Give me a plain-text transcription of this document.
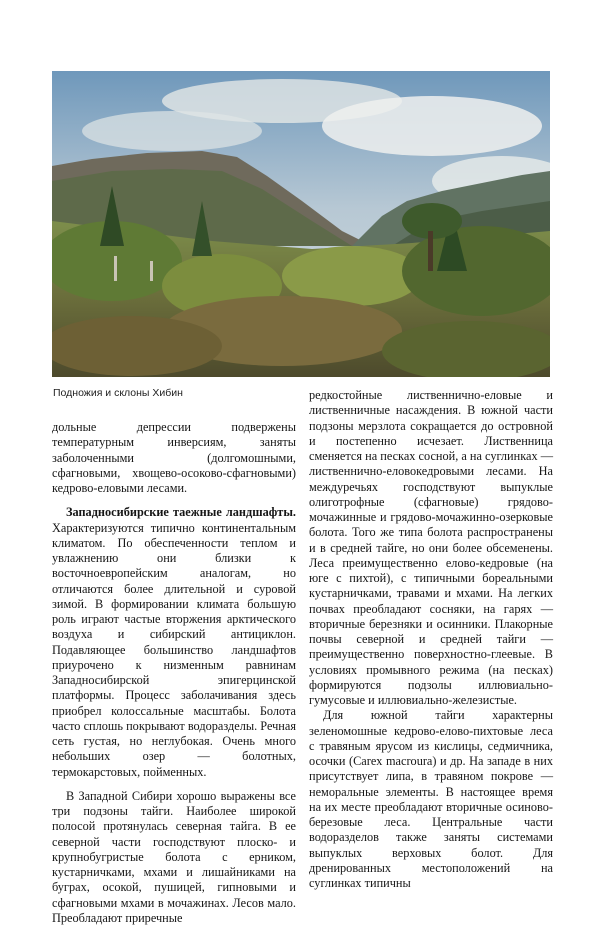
Подножия и склоны Хибин

дольные депрессии подвержены температурным инверсиям, заняты заболоченными (долгомошными, сфагновыми, хвощево-осоково-сфагновыми) кедрово-еловыми лесами.

Западносибирские таежные ландшафты. Характеризуются типично континентальным климатом. По обеспеченности теплом и увлажнению они близки к восточноевропейским аналогам, но отличаются более длительной и суровой зимой. В формировании климата большую роль играют частые вторжения арктического воздуха и сибирский антициклон. Подавляющее большинство ландшафтов приурочено к низменным равнинам Западносибирской эпигерцинской платформы. Процесс заболачивания здесь приобрел колоссальные масштабы. Болота часто сплошь покрывают водоразделы. Речная сеть густая, но неглубокая. Очень много небольших озер — болотных, термокарстовых, пойменных.

В Западной Сибири хорошо выражены все три подзоны тайги. Наиболее широкой полосой протянулась северная тайга. В ее северной части господствуют плоско- и крупнобугристые болота с ерником, кустарничками, мхами и лишайниками на буграх, осокой, пушицей, гипновыми и сфагновыми мхами в мочажинах. Лесов мало. Преобладают приречные

редкостойные лиственнично-еловые и лиственничные насаждения. В южной части подзоны мерзлота сокращается до островной и постепенно исчезает. Лиственница сменяется на песках сосной, а на суглинках — лиственнично-еловокедровыми лесами. На междуречьях господствуют выпуклые олиготрофные (сфагновые) грядово-мочажинные и грядово-мочажинно-озерковые болота. Того же типа болота распространены и в средней тайге, но они более обсеменены. Леса преимущественно елово-кедровые (на юге с пихтой), с типичными бореальными кустарничками, травами и мхами. На легких почвах преобладают сосняки, на гарях — вторичные березняки и осинники. Плакорные почвы северной и средней тайги — преимущественно поверхностно-глеевые. В условиях промывного режима (на песках) формируются подзолы иллювиально-гумусовые и иллювиально-железистые.

Для южной тайги характерны зеленомошные кедрово-елово-пихтовые леса с травяным ярусом из кислицы, седмичника, осочки (Carex macroura) и др. На западе в них присутствует липа, в травяном покрове — неморальные элементы. В настоящее время на их месте преобладают вторичные осиново-березовые леса. Центральные части водоразделов также заняты системами выпуклых верховых болот. Для дренированных местоположений на суглинках типичны
